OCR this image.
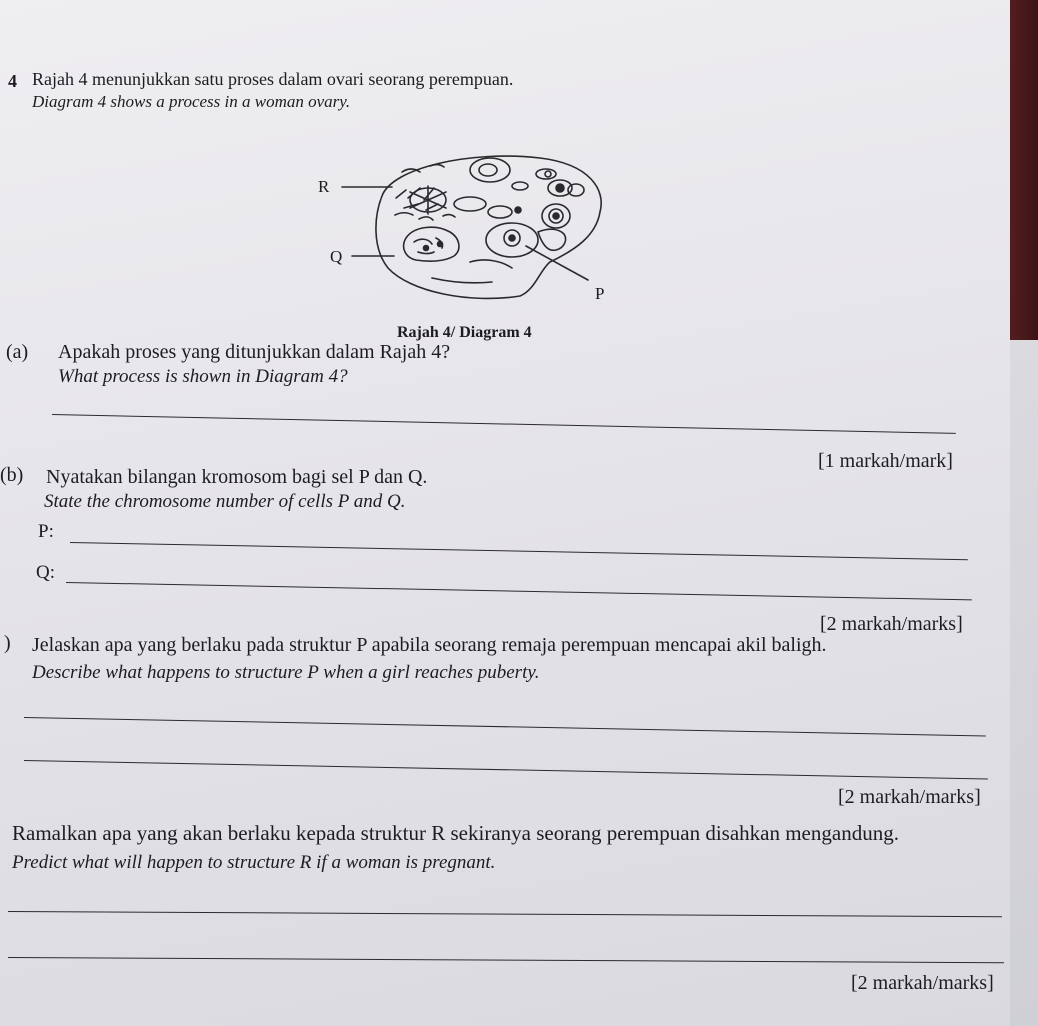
4 Rajah 4 menunjukkan satu proses dalam ovari seorang perempuan.
Diagram 4 shows a process in a woman ovary.
R
Q
P
Rajah 4/ Diagram 4
(a) Apakah proses yang ditunjukkan dalam Rajah 4?
What process is shown in Diagram 4?
[1 markah/mark]
(b) Nyatakan bilangan kromosom bagi sel P dan Q.
State the chromosome number of cells P and Q.
P:
Q:
[2 markah/marks]
) Jelaskan apa yang berlaku pada struktur P apabila seorang remaja perempuan mencapai akil baligh.
Describe what happens to structure P when a girl reaches puberty.
[2 markah/marks]
Ramalkan apa yang akan berlaku kepada struktur R sekiranya seorang perempuan disahkan mengandung.
Predict what will happen to structure R if a woman is pregnant.
[2 markah/marks]
